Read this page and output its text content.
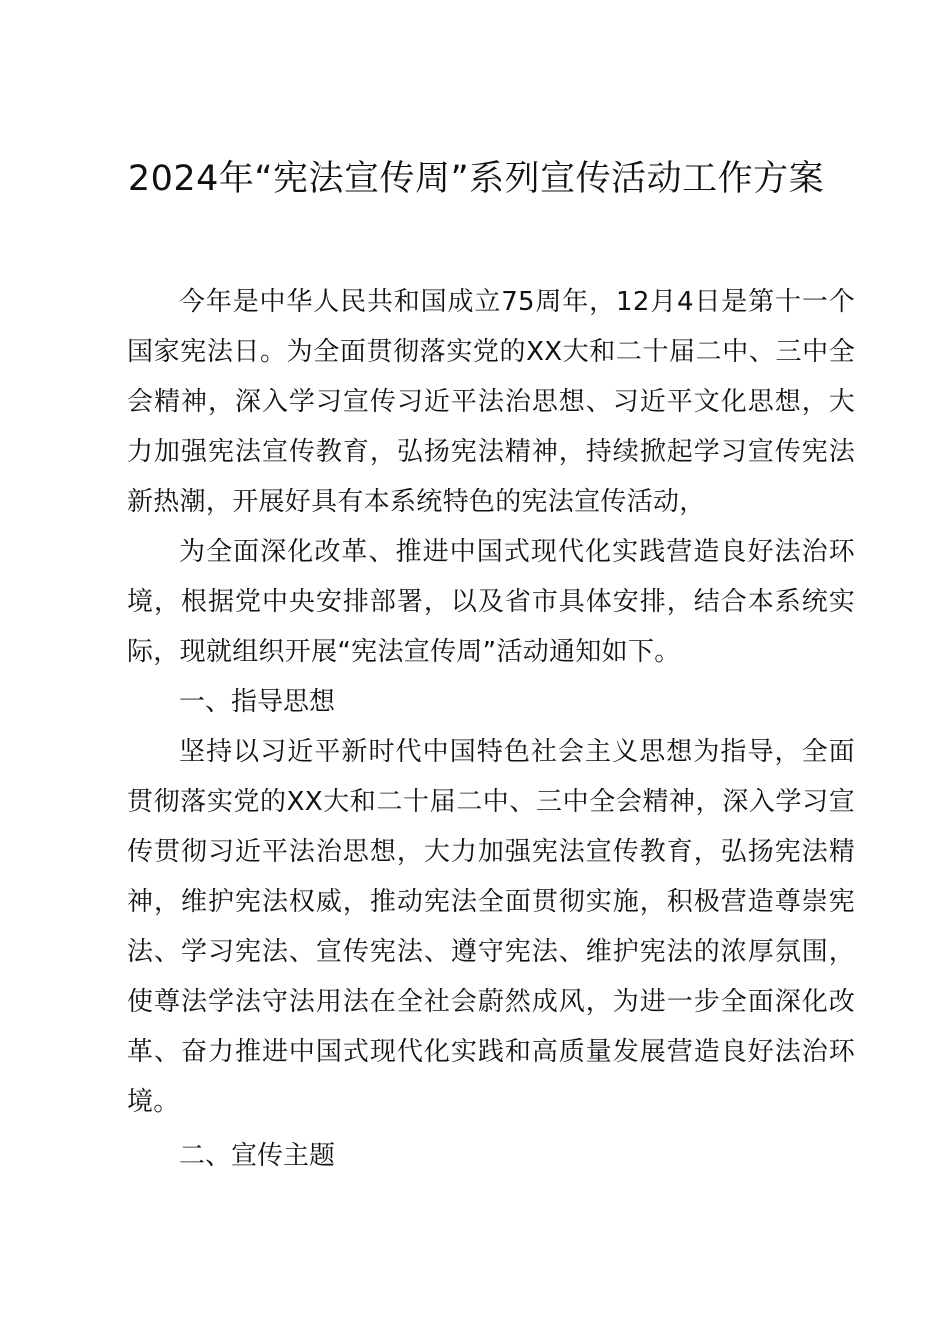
2024年“宪法宣传周”系列宣传活动工作方案

今年是中华人民共和国成立75周年，12月4日是第十一个国家宪法日。为全面贯彻落实党的XX大和二十届二中、三中全会精神，深入学习宣传习近平法治思想、习近平文化思想，大力加强宪法宣传教育，弘扬宪法精神，持续掀起学习宣传宪法新热潮，开展好具有本系统特色的宪法宣传活动，

为全面深化改革、推进中国式现代化实践营造良好法治环境，根据党中央安排部署，以及省市具体安排，结合本系统实际，现就组织开展“宪法宣传周”活动通知如下。

一、指导思想

坚持以习近平新时代中国特色社会主义思想为指导，全面贯彻落实党的XX大和二十届二中、三中全会精神，深入学习宣传贯彻习近平法治思想，大力加强宪法宣传教育，弘扬宪法精神，维护宪法权威，推动宪法全面贯彻实施，积极营造尊崇宪法、学习宪法、宣传宪法、遵守宪法、维护宪法的浓厚氛围，使尊法学法守法用法在全社会蔚然成风，为进一步全面深化改革、奋力推进中国式现代化实践和高质量发展营造良好法治环境。

二、宣传主题
